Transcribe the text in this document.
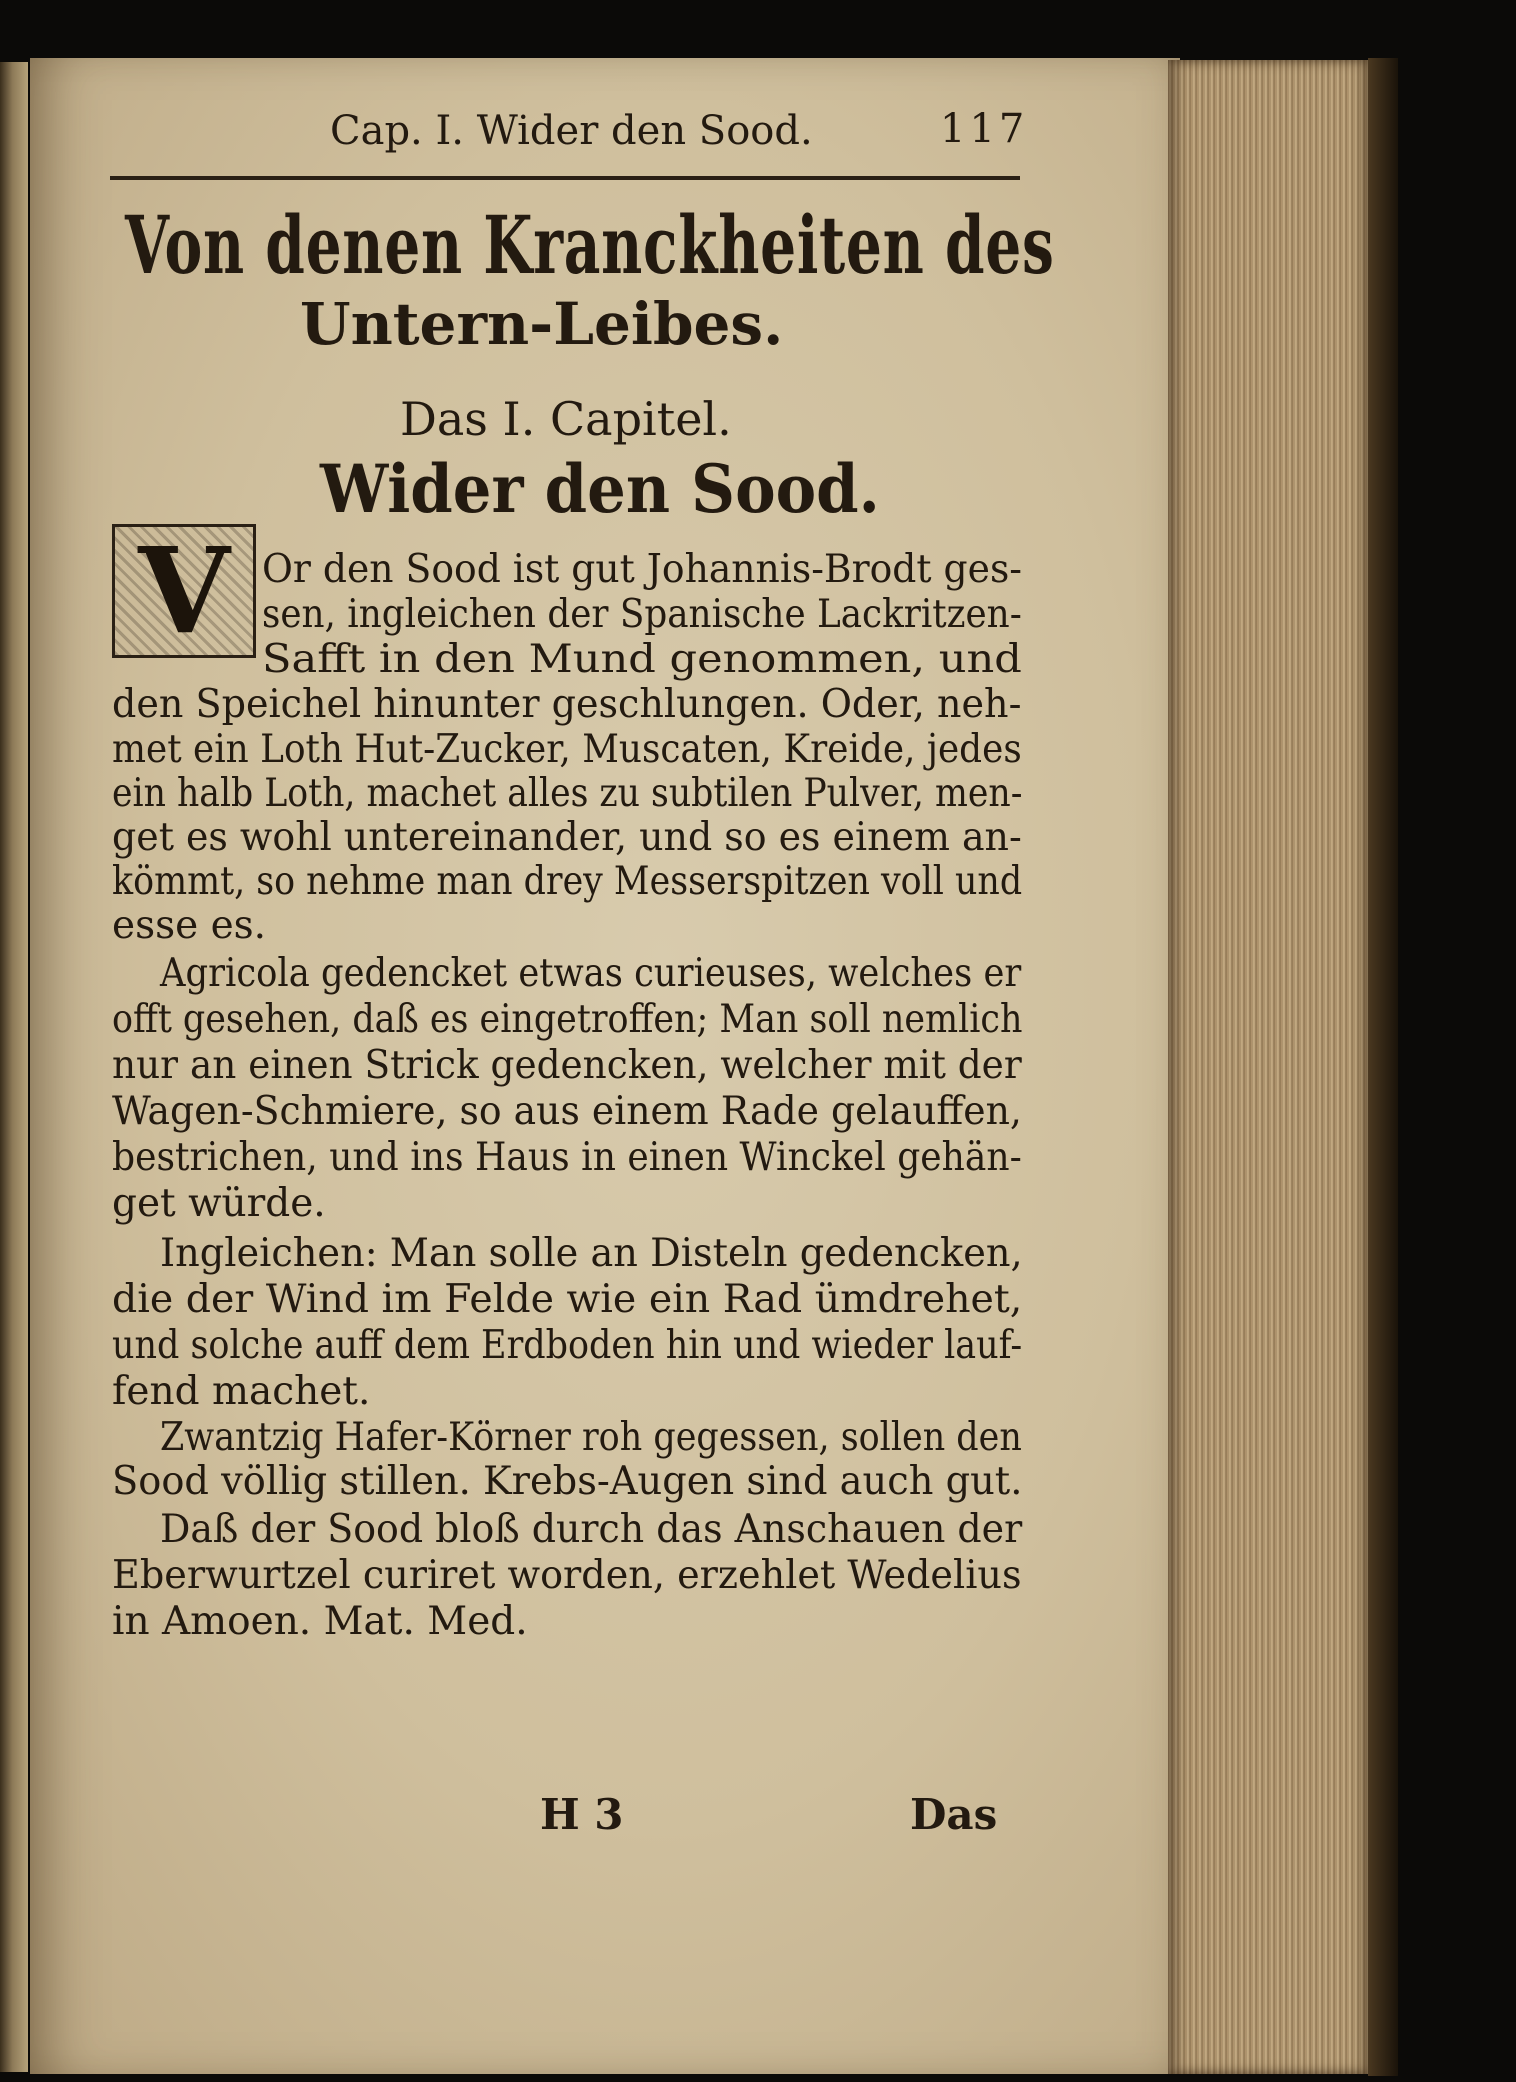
Cap. I. Wider den Sood.	117
Von denen Kranckheiten des
Untern-Leibes.
Das I. Capitel.
Wider den Sood.
V Or den Sood ist gut Johannis-Brodt ges-
sen, ingleichen der Spanische Lackritzen-
Safft in den Mund genommen, und
den Speichel hinunter geschlungen. Oder, neh-
met ein Loth Hut-Zucker, Muscaten, Kreide, jedes
ein halb Loth, machet alles zu subtilen Pulver, men-
get es wohl untereinander, und so es einem an-
kömmt, so nehme man drey Messerspitzen voll und
esse es.
Agricola gedencket etwas curieuses, welches er
offt gesehen, daß es eingetroffen; Man soll nemlich
nur an einen Strick gedencken, welcher mit der
Wagen-Schmiere, so aus einem Rade gelauffen,
bestrichen, und ins Haus in einen Winckel gehän-
get würde.
Ingleichen: Man solle an Disteln gedencken,
die der Wind im Felde wie ein Rad ümdrehet,
und solche auff dem Erdboden hin und wieder lauf-
fend machet.
Zwantzig Hafer-Körner roh gegessen, sollen den
Sood völlig stillen. Krebs-Augen sind auch gut.
Daß der Sood bloß durch das Anschauen der
Eberwurtzel curiret worden, erzehlet Wedelius
in Amoen. Mat. Med.
H 3	Das
